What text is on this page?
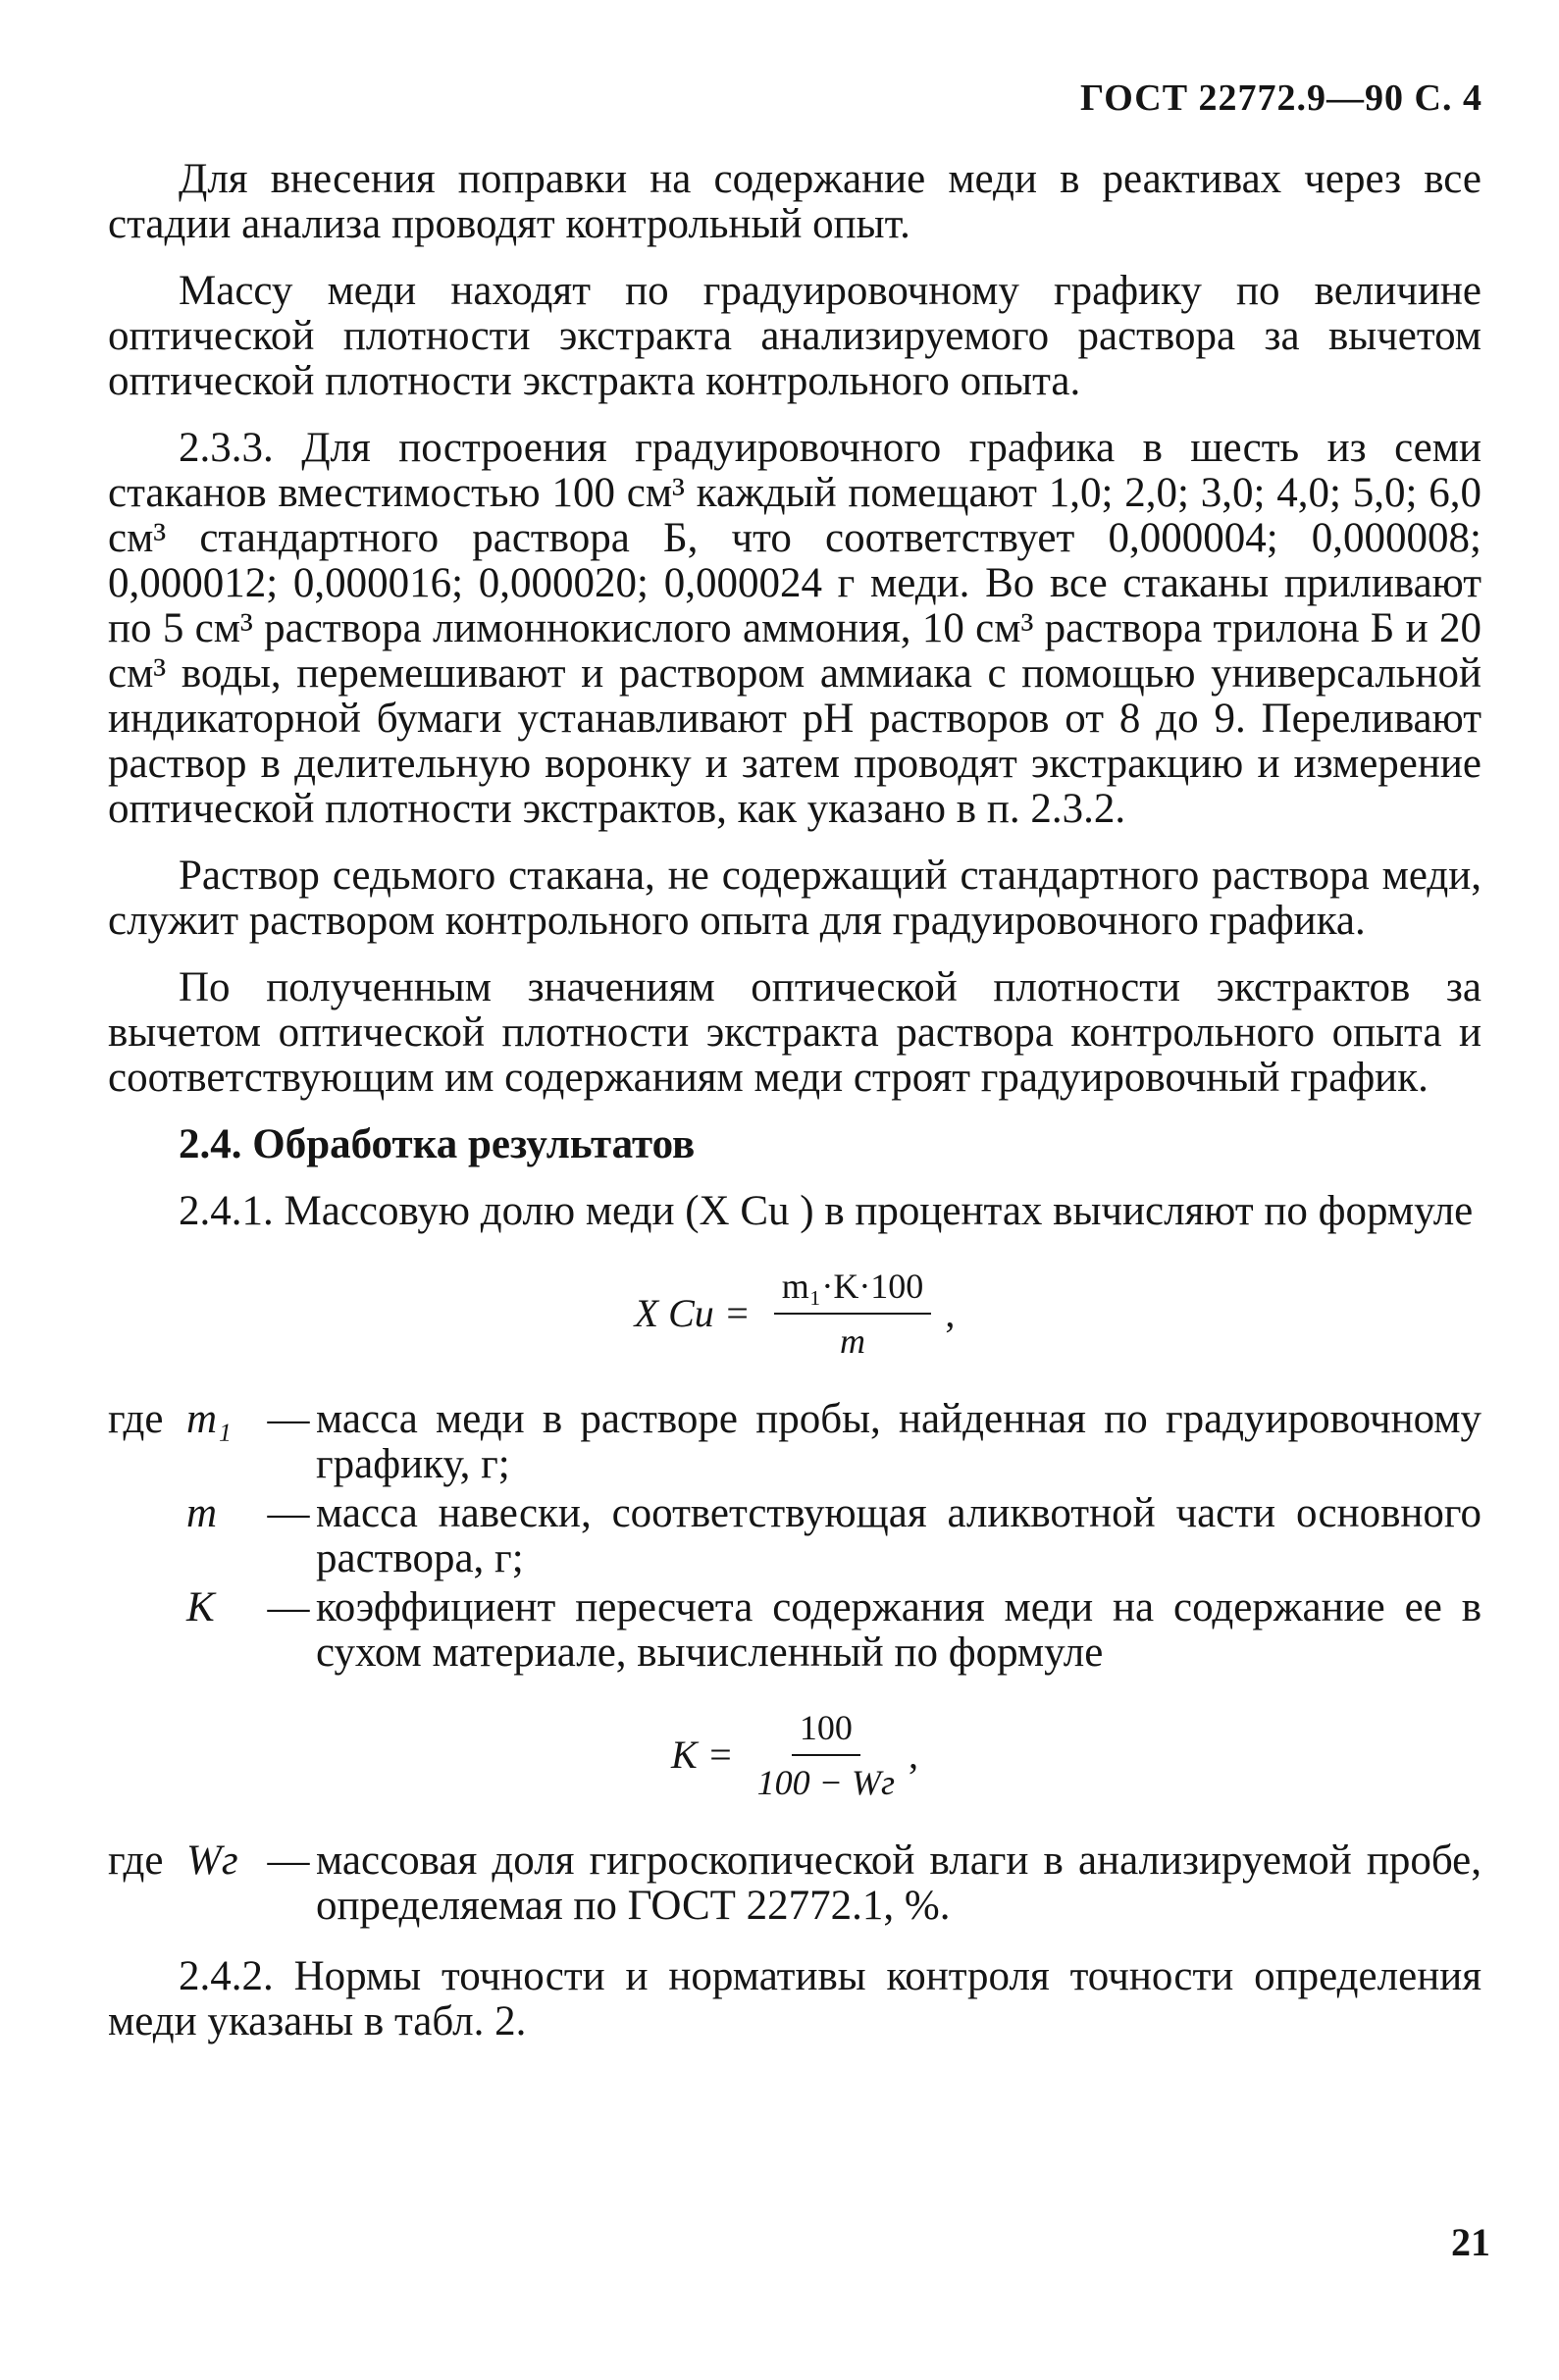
ГОСТ 22772.9—90 С. 4

Для внесения поправки на содержание меди в реактивах через все стадии анализа проводят контрольный опыт.

Массу меди находят по градуировочному графику по величине оптической плотности экстракта анализируемого раствора за вычетом оптической плотности экстракта контрольного опыта.

2.3.3. Для построения градуировочного графика в шесть из семи стаканов вместимостью 100 см³ каждый помещают 1,0; 2,0; 3,0; 4,0; 5,0; 6,0 см³ стандартного раствора Б, что соответствует 0,000004; 0,000008; 0,000012; 0,000016; 0,000020; 0,000024 г меди. Во все стаканы приливают по 5 см³ раствора лимоннокислого аммония, 10 см³ раствора трилона Б и 20 см³ воды, перемешивают и раствором аммиака с помощью универсальной индикаторной бумаги устанавливают pH растворов от 8 до 9. Переливают раствор в делительную воронку и затем проводят экстракцию и измерение оптической плотности экстрактов, как указано в п. 2.3.2.

Раствор седьмого стакана, не содержащий стандартного раствора меди, служит раствором контрольного опыта для градуировочного графика.

По полученным значениям оптической плотности экстрактов за вычетом оптической плотности экстракта раствора контрольного опыта и соответствующим им содержаниям меди строят градуировочный график.

2.4. Обработка результатов

2.4.1. Массовую долю меди (X Cu ) в процентах вычисляют по формуле

X $Cu = \frac{\text{m₁·K·100}}{m}$ ,
где m₁ — масса меди в растворе пробы, найденная по градуировочному графику, г;
m	— масса навески, соответствующая аликвотной части основного раствора, г;
K	— коэффициент пересчета содержания меди на содержание ее в сухом материале, вычисленный по формуле
$K = \frac{100}{100 - Wг}$ ,
где Wг — массовая доля гигроскопической влаги в анализируемой пробе, определяемая по ГОСТ 22772.1, %.

2.4.2. Нормы точности и нормативы контроля точности определения меди указаны в табл. 2.

21
